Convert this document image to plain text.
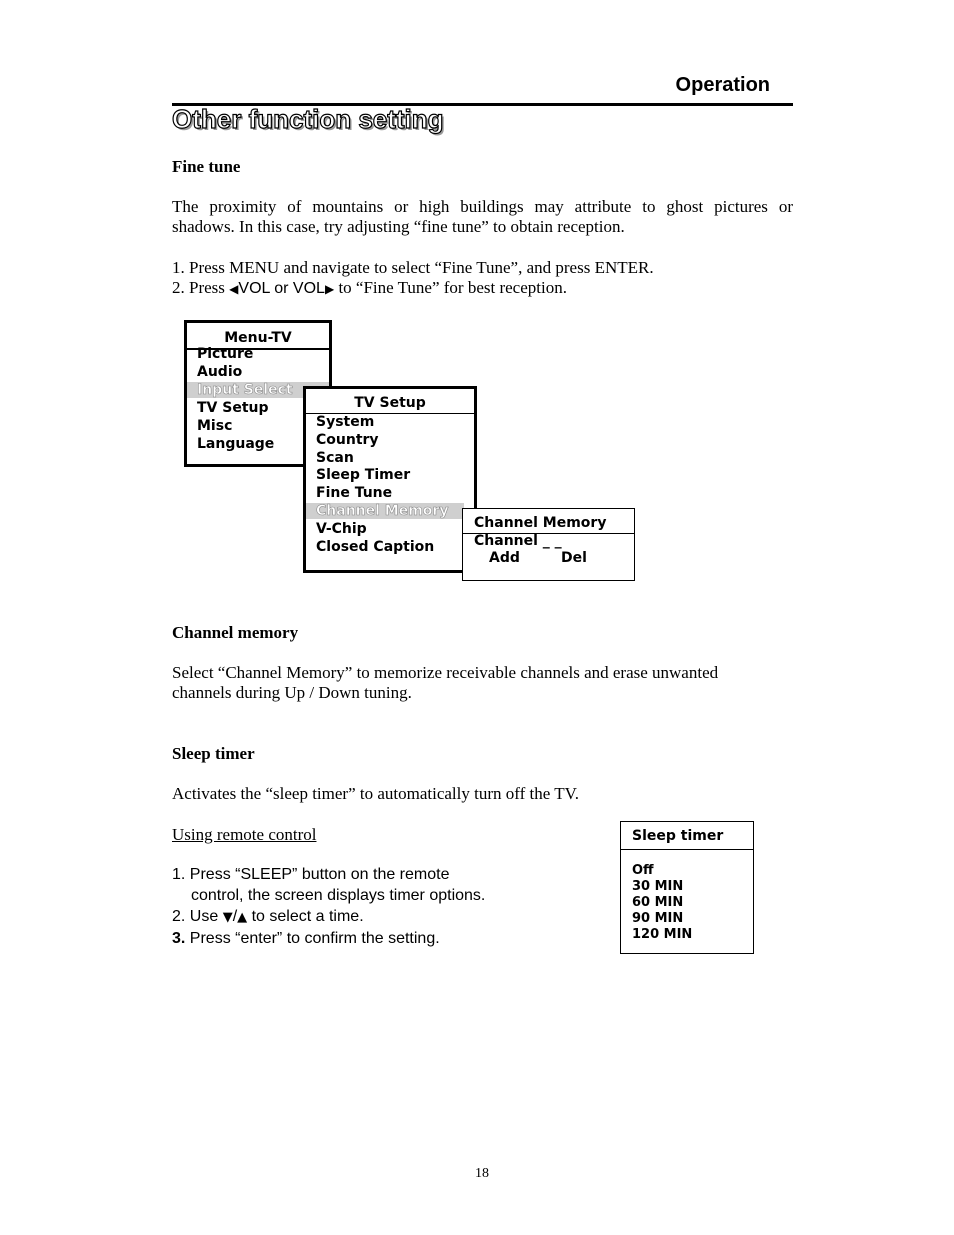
Operation
Other function setting
Fine tune
The proximity of mountains or high buildings may attribute to ghost pictures or
shadows. In this case, try adjusting “fine tune” to obtain reception.
1. Press MENU and navigate to select “Fine Tune”, and press ENTER.
2. Press ◀VOL or VOL▶ to “Fine Tune” for best reception.
Menu-TV
Picture
Audio
Input Select
TV Setup
Misc
Language
TV Setup
System
Country
Scan
Sleep Timer
Fine Tune
Channel Memory
V-Chip
Closed Caption
Channel Memory
Channel _ _
Add	Del
Channel memory
Select “Channel Memory” to memorize receivable channels and erase unwanted
channels during Up / Down tuning.
Sleep timer
Activates the “sleep timer” to automatically turn off the TV.
Using remote control
1. Press “SLEEP” button on the remote
control, the screen displays timer options.
2. Use ▼/▲ to select a time.
3. Press “enter” to confirm the setting.
Sleep timer
Off
30 MIN
60 MIN
90 MIN
120 MIN
18
